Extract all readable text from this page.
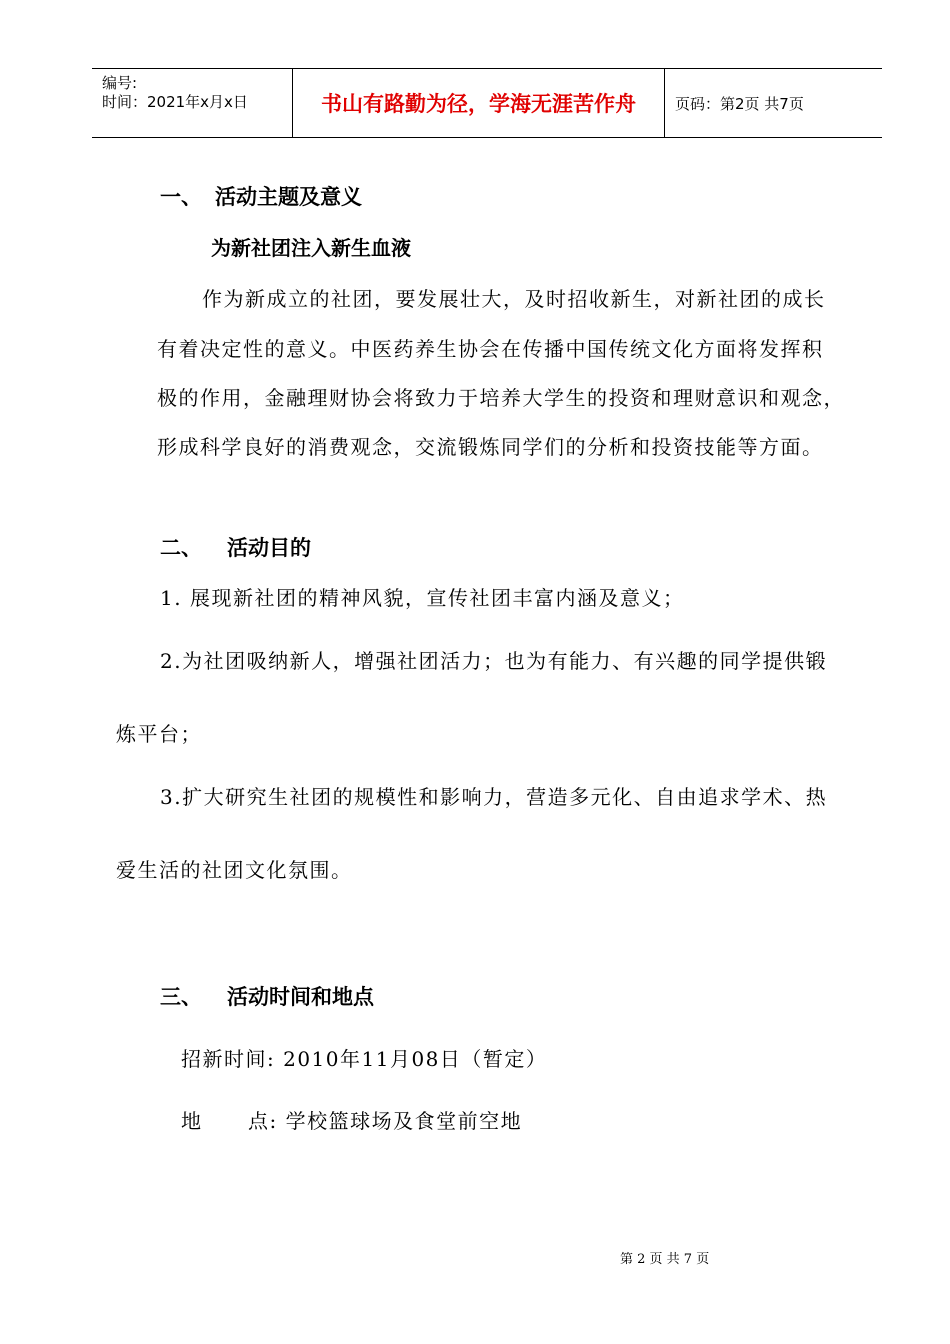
编号:
时间：2021年x月x日	书山有路勤为径，学海无涯苦作舟	页码：第2页 共7页
一、 活动主题及意义
为新社团注入新生血液
作为新成立的社团，要发展壮大，及时招收新生，对新社团的成长
有着决定性的意义。中医药养生协会在传播中国传统文化方面将发挥积
极的作用，金融理财协会将致力于培养大学生的投资和理财意识和观念，
形成科学良好的消费观念，交流锻炼同学们的分析和投资技能等方面。
二、 活动目的
1. 展现新社团的精神风貌，宣传社团丰富内涵及意义；
2.为社团吸纳新人，增强社团活力；也为有能力、有兴趣的同学提供锻
炼平台；
3.扩大研究生社团的规模性和影响力，营造多元化、自由追求学术、热
爱生活的社团文化氛围。
三、 活动时间和地点
招新时间: 2010年11月08日（暂定）
地 点: 学校篮球场及食堂前空地
第 2 页 共 7 页
